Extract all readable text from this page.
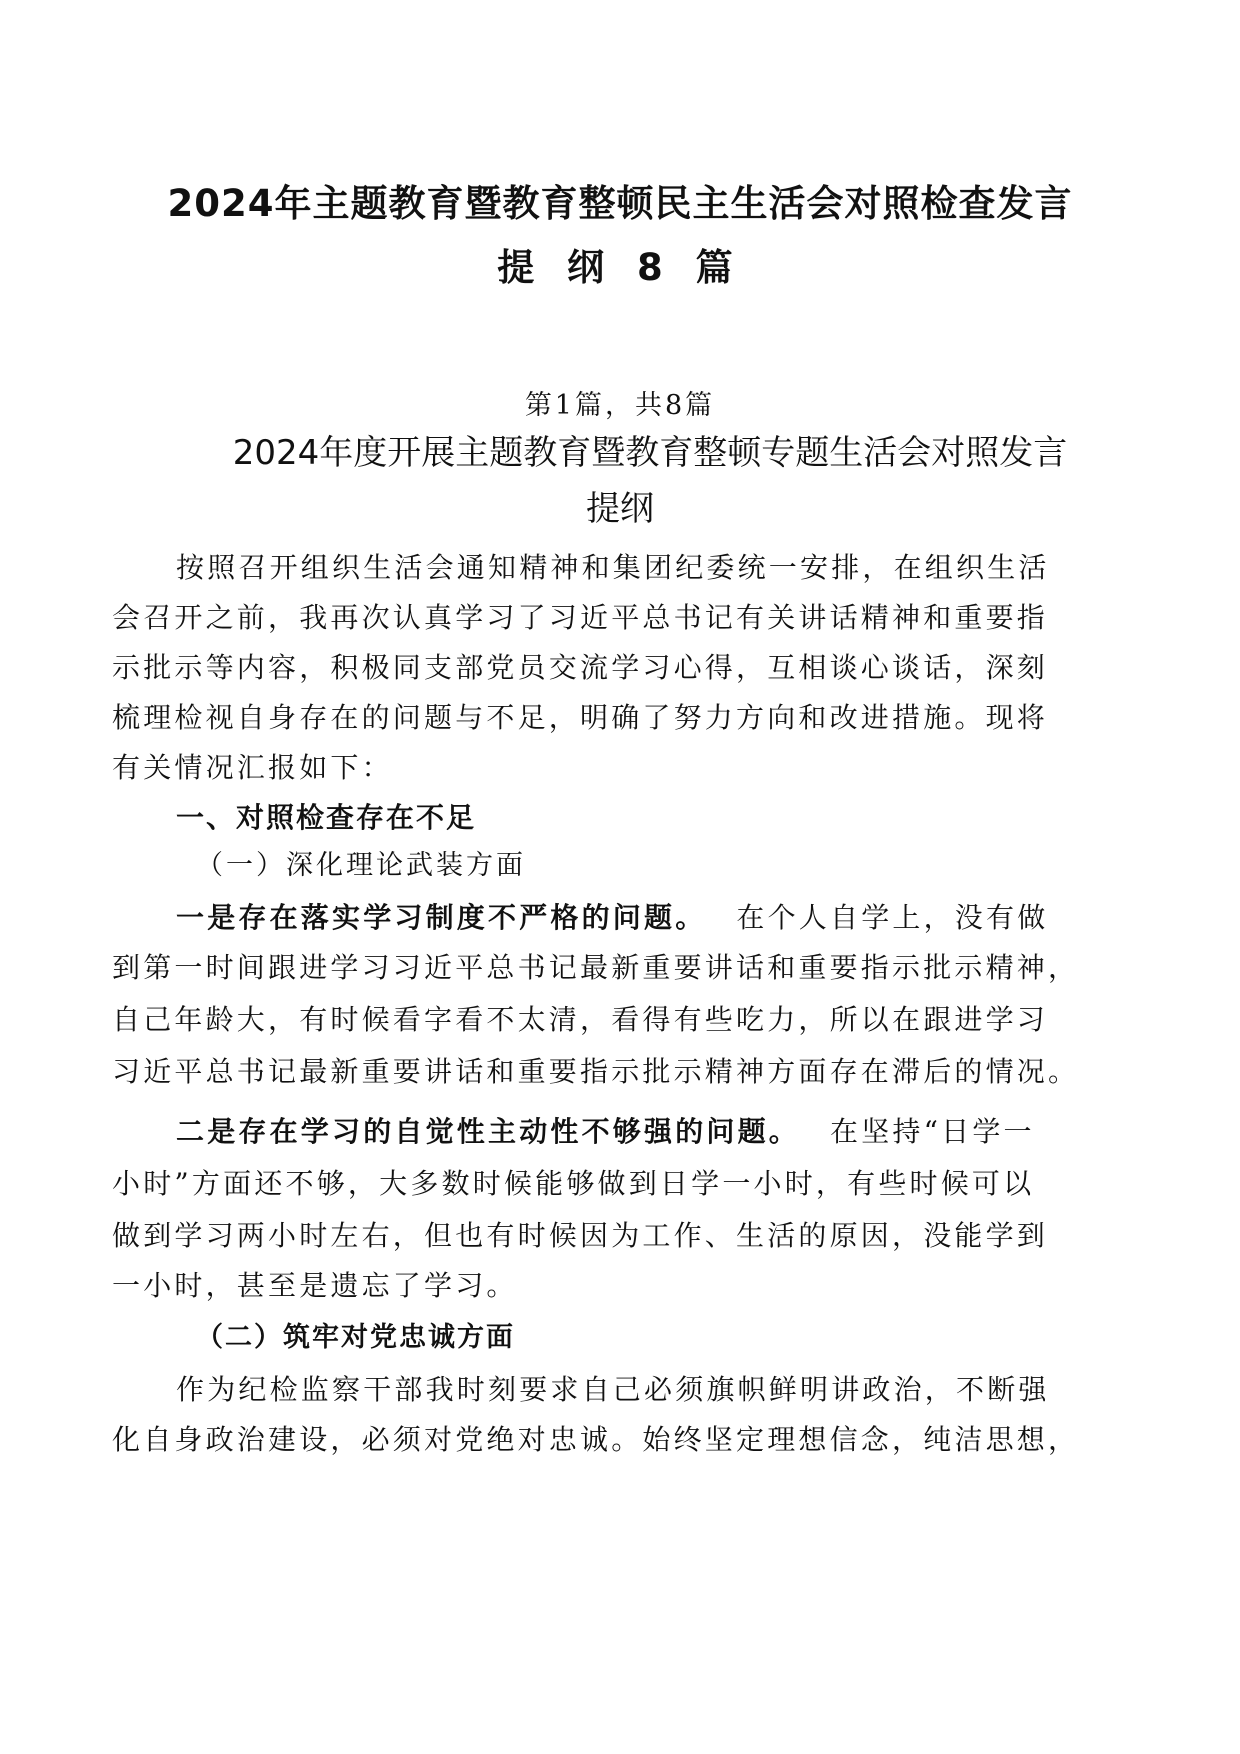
2024年主题教育暨教育整顿民主生活会对照检查发言
提 纲 8 篇
第1篇，共8篇
2024年度开展主题教育暨教育整顿专题生活会对照发言
提纲
按照召开组织生活会通知精神和集团纪委统一安排，在组织生活
会召开之前，我再次认真学习了习近平总书记有关讲话精神和重要指
示批示等内容，积极同支部党员交流学习心得，互相谈心谈话，深刻
梳理检视自身存在的问题与不足，明确了努力方向和改进措施。现将
有关情况汇报如下：
一、对照检查存在不足
（一）深化理论武装方面
一是存在落实学习制度不严格的问题。 在个人自学上，没有做
到第一时间跟进学习习近平总书记最新重要讲话和重要指示批示精神，
自己年龄大，有时候看字看不太清，看得有些吃力，所以在跟进学习
习近平总书记最新重要讲话和重要指示批示精神方面存在滞后的情况。
二是存在学习的自觉性主动性不够强的问题。 在坚持“日学一
小时”方面还不够，大多数时候能够做到日学一小时，有些时候可以
做到学习两小时左右，但也有时候因为工作、生活的原因，没能学到
一小时，甚至是遗忘了学习。
（二）筑牢对党忠诚方面
作为纪检监察干部我时刻要求自己必须旗帜鲜明讲政治，不断强
化自身政治建设，必须对党绝对忠诚。始终坚定理想信念，纯洁思想，
